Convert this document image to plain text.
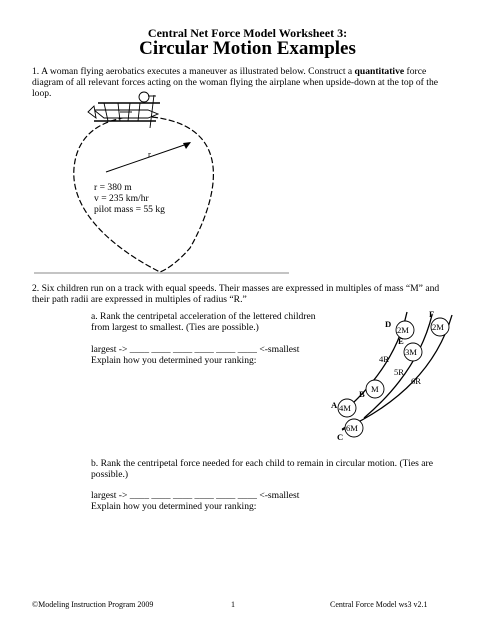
Central Net Force Model Worksheet 3:
Circular Motion Examples
1. A woman flying aerobatics executes a maneuver as illustrated below. Construct a quantitative force diagram of all relevant forces acting on the woman flying the airplane when upside-down at the top of the loop.
r
r = 380 m
v = 235 km/hr
pilot mass = 55 kg
2. Six children run on a track with equal speeds. Their masses are expressed in multiples of mass “M” and their path radii are expressed in multiples of radius “R.”
a. Rank the centripetal acceleration of the lettered children from largest to smallest. (Ties are possible.)
largest -> ____ ____ ____ ____ ____ ____ <-smallest
Explain how you determined your ranking:
D
2M
F
2M
E
3M
A 4M
B M
C
6M
4R
5R
6R
b. Rank the centripetal force needed for each child to remain in circular motion. (Ties are possible.)
largest -> ____ ____ ____ ____ ____ ____ <-smallest
Explain how you determined your ranking:
©Modeling Instruction Program 2009	1	Central Force Model ws3 v2.1
